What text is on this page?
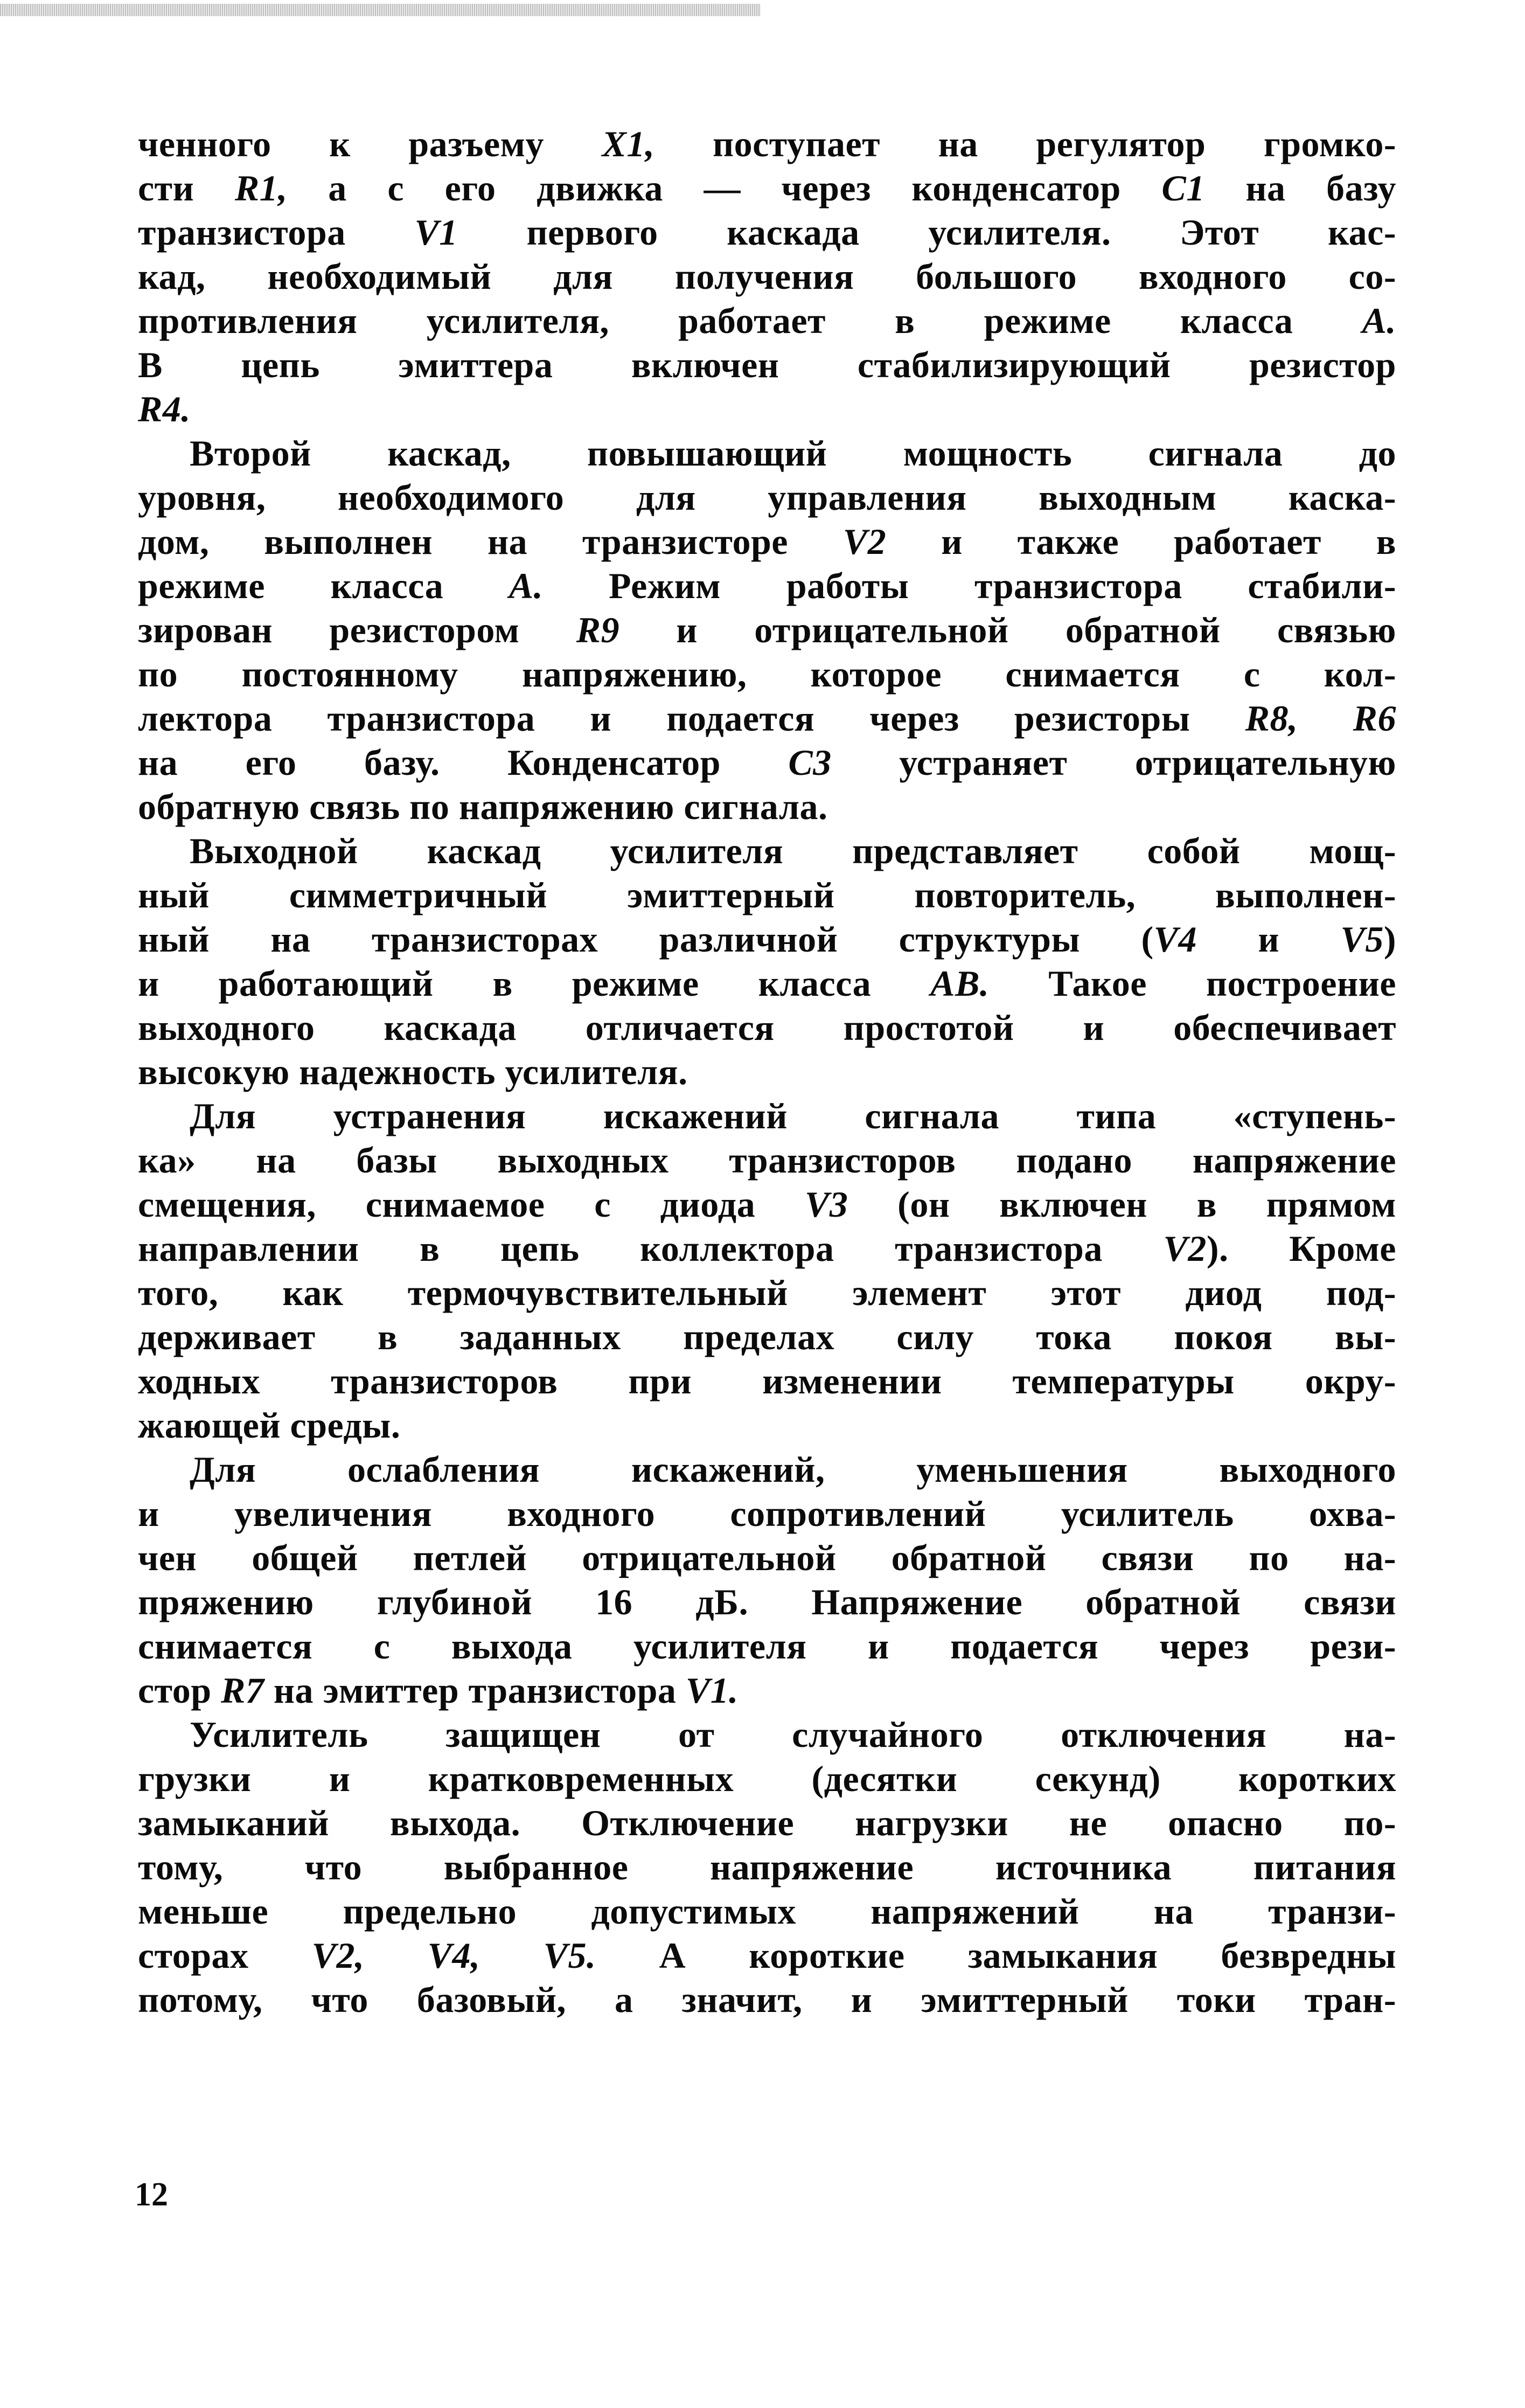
ченного к разъему X1, поступает на регулятор громко-
сти R1, а с его движка — через конденсатор C1 на базу
транзистора V1 первого каскада усилителя. Этот кас-
кад, необходимый для получения большого входного со-
противления усилителя, работает в режиме класса А.
В цепь эмиттера включен стабилизирующий резистор
R4.
Второй каскад, повышающий мощность сигнала до
уровня, необходимого для управления выходным каска-
дом, выполнен на транзисторе V2 и также работает в
режиме класса А. Режим работы транзистора стабили-
зирован резистором R9 и отрицательной обратной связью
по постоянному напряжению, которое снимается с кол-
лектора транзистора и подается через резисторы R8, R6
на его базу. Конденсатор C3 устраняет отрицательную
обратную связь по напряжению сигнала.
Выходной каскад усилителя представляет собой мощ-
ный симметричный эмиттерный повторитель, выполнен-
ный на транзисторах различной структуры (V4 и V5)
и работающий в режиме класса АВ. Такое построение
выходного каскада отличается простотой и обеспечивает
высокую надежность усилителя.
Для устранения искажений сигнала типа «ступень-
ка» на базы выходных транзисторов подано напряжение
смещения, снимаемое с диода V3 (он включен в прямом
направлении в цепь коллектора транзистора V2). Кроме
того, как термочувствительный элемент этот диод под-
держивает в заданных пределах силу тока покоя вы-
ходных транзисторов при изменении температуры окру-
жающей среды.
Для ослабления искажений, уменьшения выходного
и увеличения входного сопротивлений усилитель охва-
чен общей петлей отрицательной обратной связи по на-
пряжению глубиной 16 дБ. Напряжение обратной связи
снимается с выхода усилителя и подается через рези-
стор R7 на эмиттер транзистора V1.
Усилитель защищен от случайного отключения на-
грузки и кратковременных (десятки секунд) коротких
замыканий выхода. Отключение нагрузки не опасно по-
тому, что выбранное напряжение источника питания
меньше предельно допустимых напряжений на транзи-
сторах V2, V4, V5. А короткие замыкания безвредны
потому, что базовый, а значит, и эмиттерный токи тран-
12
